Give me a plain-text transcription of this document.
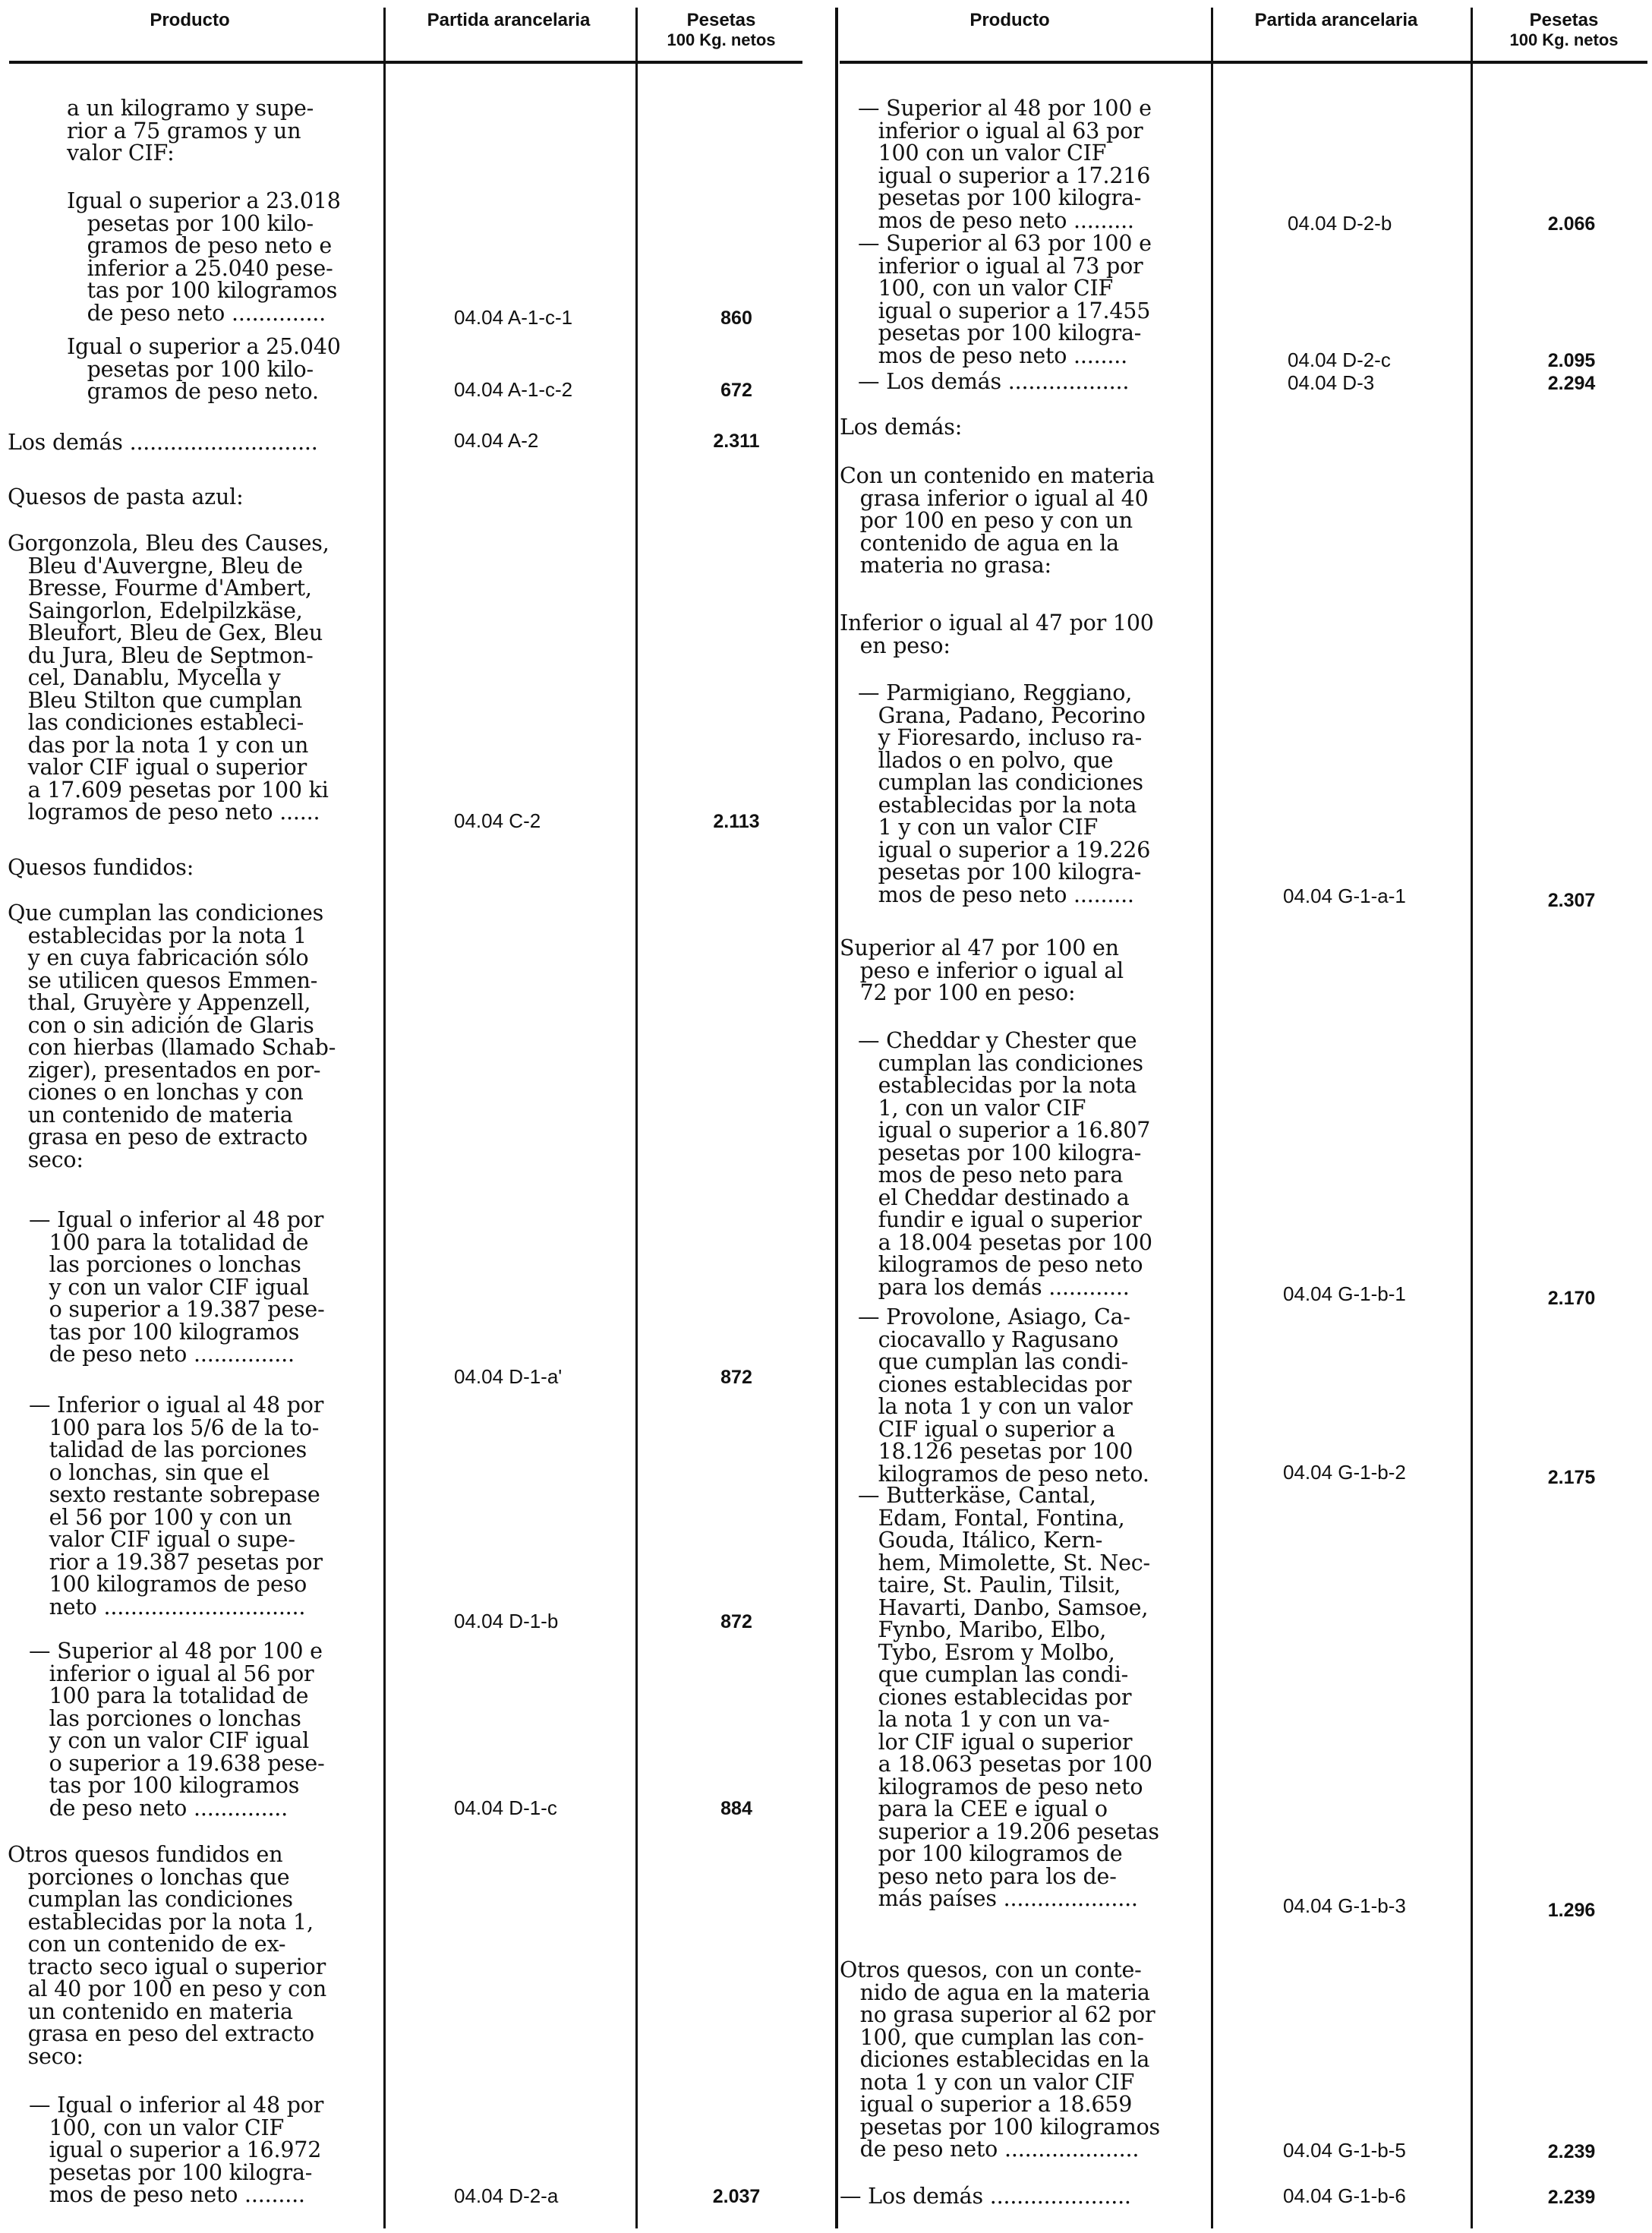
Producto	Partida arancelaria	Pesetas
100 Kg. netos
Producto	Partida arancelaria	Pesetas
100 Kg. netos
a un kilogramo y supe-
rior a 75 gramos y un
valor CIF:
Igual o superior a 23.018
pesetas por 100 kilo-
gramos de peso neto e
inferior a 25.040 pese-
tas por 100 kilogramos
de peso neto ..............	04.04 A-1-c-1	860
Igual o superior a 25.040
pesetas por 100 kilo-
gramos de peso neto.	04.04 A-1-c-2	672
Los demás ............................	04.04 A-2	2.311
Quesos de pasta azul:
Gorgonzola, Bleu des Causes,
Bleu d'Auvergne, Bleu de
Bresse, Fourme d'Ambert,
Saingorlon, Edelpilzkäse,
Bleufort, Bleu de Gex, Bleu
du Jura, Bleu de Septmon-
cel, Danablu, Mycella y
Bleu Stilton que cumplan
las condiciones estableci-
das por la nota 1 y con un
valor CIF igual o superior
a 17.609 pesetas por 100 ki
logramos de peso neto ......	04.04 C-2	2.113
Quesos fundidos:
Que cumplan las condiciones
establecidas por la nota 1
y en cuya fabricación sólo
se utilicen quesos Emmen-
thal, Gruyère y Appenzell,
con o sin adición de Glaris
con hierbas (llamado Schab-
ziger), presentados en por-
ciones o en lonchas y con
un contenido de materia
grasa en peso de extracto
seco:
— Igual o inferior al 48 por
100 para la totalidad de
las porciones o lonchas
y con un valor CIF igual
o superior a 19.387 pese-
tas por 100 kilogramos
de peso neto ...............
04.04 D-1-a'	872
— Inferior o igual al 48 por
100 para los 5/6 de la to-
talidad de las porciones
o lonchas, sin que el
sexto restante sobrepase
el 56 por 100 y con un
valor CIF igual o supe-
rior a 19.387 pesetas por
100 kilogramos de peso
neto ..............................
04.04 D-1-b	872
— Superior al 48 por 100 e
inferior o igual al 56 por
100 para la totalidad de
las porciones o lonchas
y con un valor CIF igual
o superior a 19.638 pese-
tas por 100 kilogramos
de peso neto ..............	04.04 D-1-c	884
Otros quesos fundidos en
porciones o lonchas que
cumplan las condiciones
establecidas por la nota 1,
con un contenido de ex-
tracto seco igual o superior
al 40 por 100 en peso y con
un contenido en materia
grasa en peso del extracto
seco:
— Igual o inferior al 48 por
100, con un valor CIF
igual o superior a 16.972
pesetas por 100 kilogra-
mos de peso neto .........	04.04 D-2-a	2.037
— Superior al 48 por 100 e
inferior o igual al 63 por
100 con un valor CIF
igual o superior a 17.216
pesetas por 100 kilogra-
mos de peso neto .........	04.04 D-2-b	2.066
— Superior al 63 por 100 e
inferior o igual al 73 por
100, con un valor CIF
igual o superior a 17.455
pesetas por 100 kilogra-
mos de peso neto ........	04.04 D-2-c	2.095
— Los demás ..................	04.04 D-3	2.294
Los demás:
Con un contenido en materia
grasa inferior o igual al 40
por 100 en peso y con un
contenido de agua en la
materia no grasa:
Inferior o igual al 47 por 100
en peso:
— Parmigiano, Reggiano,
Grana, Padano, Pecorino
y Fioresardo, incluso ra-
llados o en polvo, que
cumplan las condiciones
establecidas por la nota
1 y con un valor CIF
igual o superior a 19.226
pesetas por 100 kilogra-
mos de peso neto .........	04.04 G-1-a-1	2.307
Superior al 47 por 100 en
peso e inferior o igual al
72 por 100 en peso:
— Cheddar y Chester que
cumplan las condiciones
establecidas por la nota
1, con un valor CIF
igual o superior a 16.807
pesetas por 100 kilogra-
mos de peso neto para
el Cheddar destinado a
fundir e igual o superior
a 18.004 pesetas por 100
kilogramos de peso neto
para los demás ............	04.04 G-1-b-1	2.170
— Provolone, Asiago, Ca-
ciocavallo y Ragusano
que cumplan las condi-
ciones establecidas por
la nota 1 y con un valor
CIF igual o superior a
18.126 pesetas por 100
kilogramos de peso neto.	04.04 G-1-b-2	2.175
— Butterkäse, Cantal,
Edam, Fontal, Fontina,
Gouda, Itálico, Kern-
hem, Mimolette, St. Nec-
taire, St. Paulin, Tilsit,
Havarti, Danbo, Samsoe,
Fynbo, Maribo, Elbo,
Tybo, Esrom y Molbo,
que cumplan las condi-
ciones establecidas por
la nota 1 y con un va-
lor CIF igual o superior
a 18.063 pesetas por 100
kilogramos de peso neto
para la CEE e igual o
superior a 19.206 pesetas
por 100 kilogramos de
peso neto para los de-
más países ....................	04.04 G-1-b-3	1.296
Otros quesos, con un conte-
nido de agua en la materia
no grasa superior al 62 por
100, que cumplan las con-
diciones establecidas en la
nota 1 y con un valor CIF
igual o superior a 18.659
pesetas por 100 kilogramos
de peso neto ....................	04.04 G-1-b-5	2.239
— Los demás .....................	04.04 G-1-b-6	2.239
